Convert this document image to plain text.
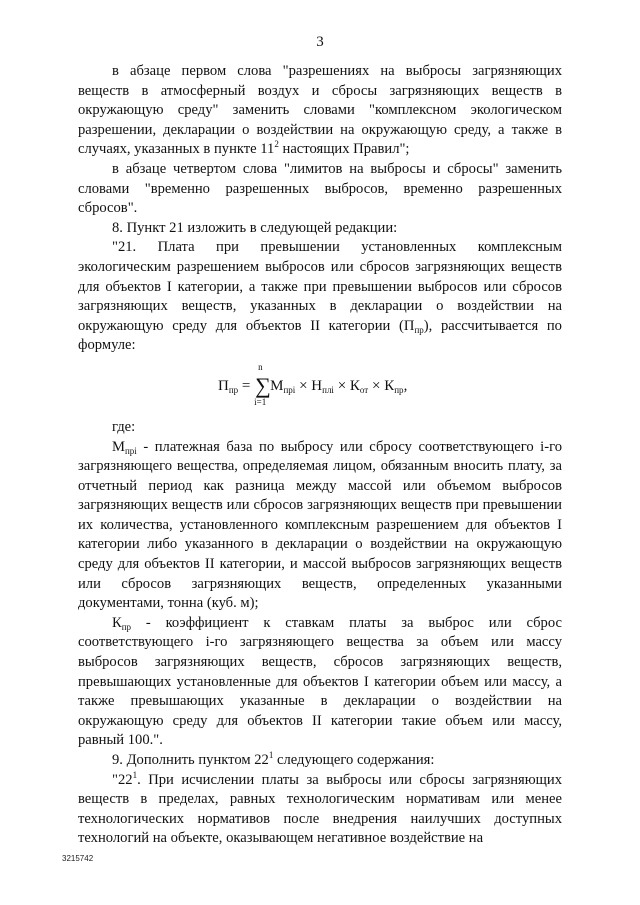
3

в абзаце первом слова "разрешениях на выбросы загрязняющих веществ в атмосферный воздух и сбросы загрязняющих веществ в окружающую среду" заменить словами "комплексном экологическом разрешении, декларации о воздействии на окружающую среду, а также в случаях, указанных в пункте $11^2$ настоящих Правил";

в абзаце четвертом слова "лимитов на выбросы и сбросы" заменить словами "временно разрешенных выбросов, временно разрешенных сбросов".

8. Пункт 21 изложить в следующей редакции:

"21. Плата при превышении установленных комплексным экологическим разрешением выбросов или сбросов загрязняющих веществ для объектов I категории, а также при превышении выбросов или сбросов загрязняющих веществ, указанных в декларации о воздействии на окружающую среду для объектов II категории $(П_{пр})$, рассчитывается по формуле:

$П_{пр}$ =
n
∑
i=1
$М_{прi} \times Н_{плi} \times К_{от} \times К_{пр}$,

где:

$М_{прi}$ - платежная база по выбросу или сбросу соответствующего i-го загрязняющего вещества, определяемая лицом, обязанным вносить плату, за отчетный период как разница между массой или объемом выбросов загрязняющих веществ или сбросов загрязняющих веществ при превышении их количества, установленного комплексным разрешением для объектов I категории либо указанного в декларации о воздействии на окружающую среду для объектов II категории, и массой выбросов загрязняющих веществ или сбросов загрязняющих веществ, определенных указанными документами, тонна (куб. м);

$К_{пр}$ - коэффициент к ставкам платы за выброс или сброс соответствующего i-го загрязняющего вещества за объем или массу выбросов загрязняющих веществ, сбросов загрязняющих веществ, превышающих установленные для объектов I категории объем или массу, а также превышающих указанные в декларации о воздействии на окружающую среду для объектов II категории такие объем или массу, равный 100.".

9. Дополнить пунктом $22^1$ следующего содержания:

"$22^1$. При исчислении платы за выбросы или сбросы загрязняющих веществ в пределах, равных технологическим нормативам или менее технологических нормативов после внедрения наилучших доступных технологий на объекте, оказывающем негативное воздействие на

3215742
